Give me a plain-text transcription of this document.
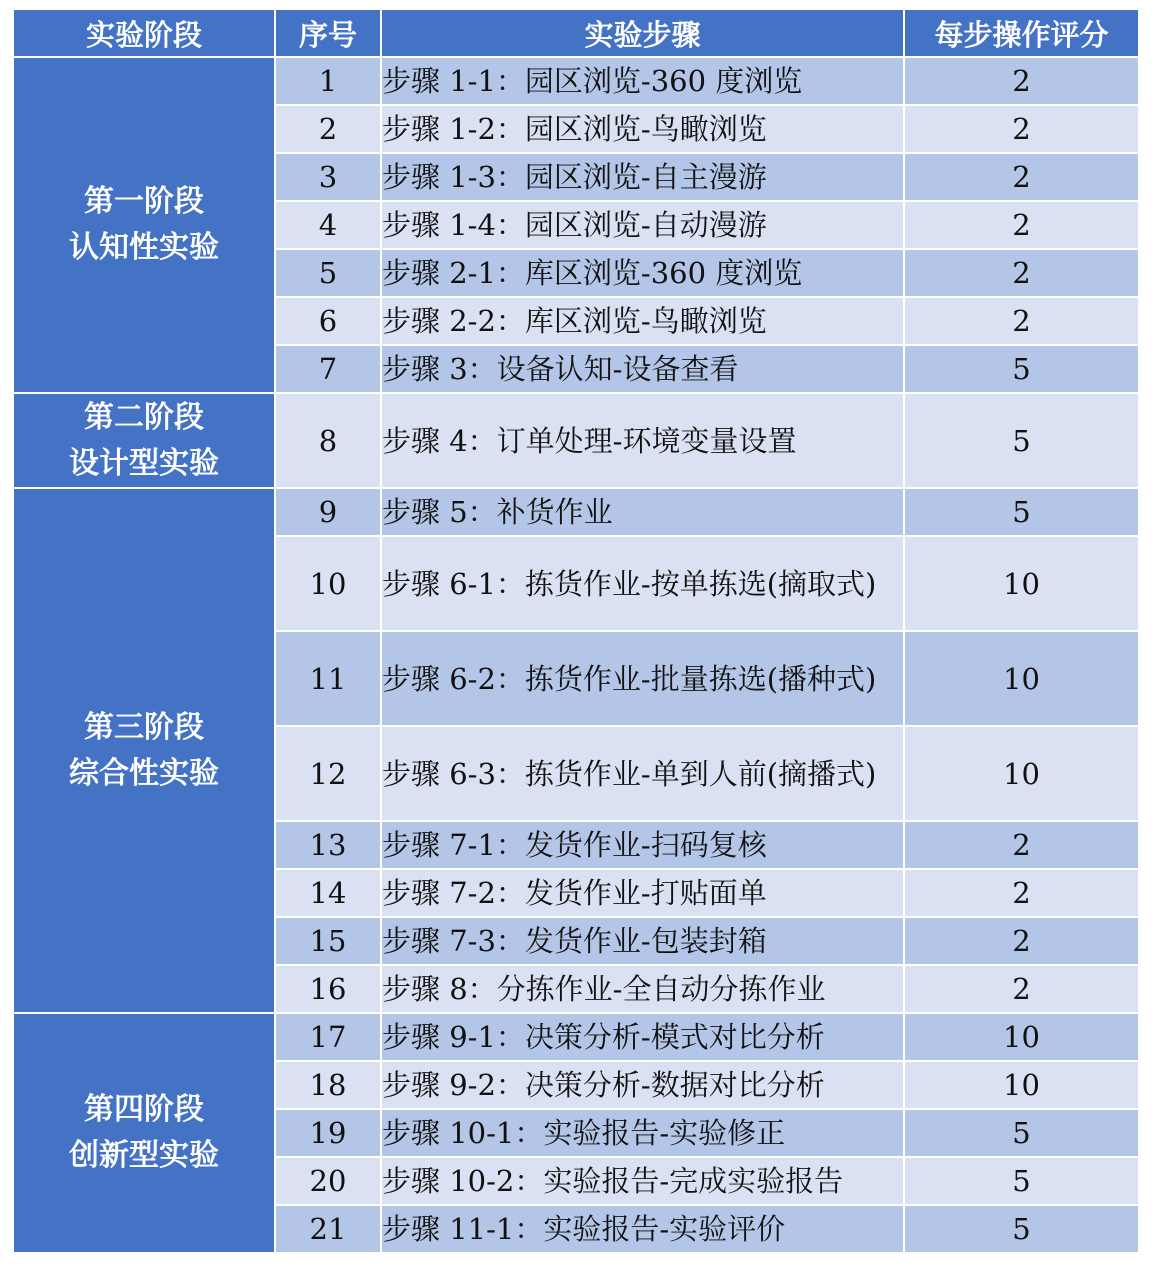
实验阶段	序号	实验步骤	每步操作评分

第一阶段
认知性实验	1	步骤 1-1：园区浏览-360 度浏览	2
	2	步骤 1-2：园区浏览-鸟瞰浏览	2
	3	步骤 1-3：园区浏览-自主漫游	2
	4	步骤 1-4：园区浏览-自动漫游	2
	5	步骤 2-1：库区浏览-360 度浏览	2
	6	步骤 2-2：库区浏览-鸟瞰浏览	2
	7	步骤 3：设备认知-设备查看	5

第二阶段
设计型实验	8	步骤 4：订单处理-环境变量设置	5

第三阶段
综合性实验	9	步骤 5：补货作业	5
	10	步骤 6-1：拣货作业-按单拣选(摘取式)	10
	11	步骤 6-2：拣货作业-批量拣选(播种式)	10
	12	步骤 6-3：拣货作业-单到人前(摘播式)	10
	13	步骤 7-1：发货作业-扫码复核	2
	14	步骤 7-2：发货作业-打贴面单	2
	15	步骤 7-3：发货作业-包装封箱	2
	16	步骤 8：分拣作业-全自动分拣作业	2

第四阶段
创新型实验	17	步骤 9-1：决策分析-模式对比分析	10
	18	步骤 9-2：决策分析-数据对比分析	10
	19	步骤 10-1：实验报告-实验修正	5
	20	步骤 10-2：实验报告-完成实验报告	5
	21	步骤 11-1：实验报告-实验评价	5
